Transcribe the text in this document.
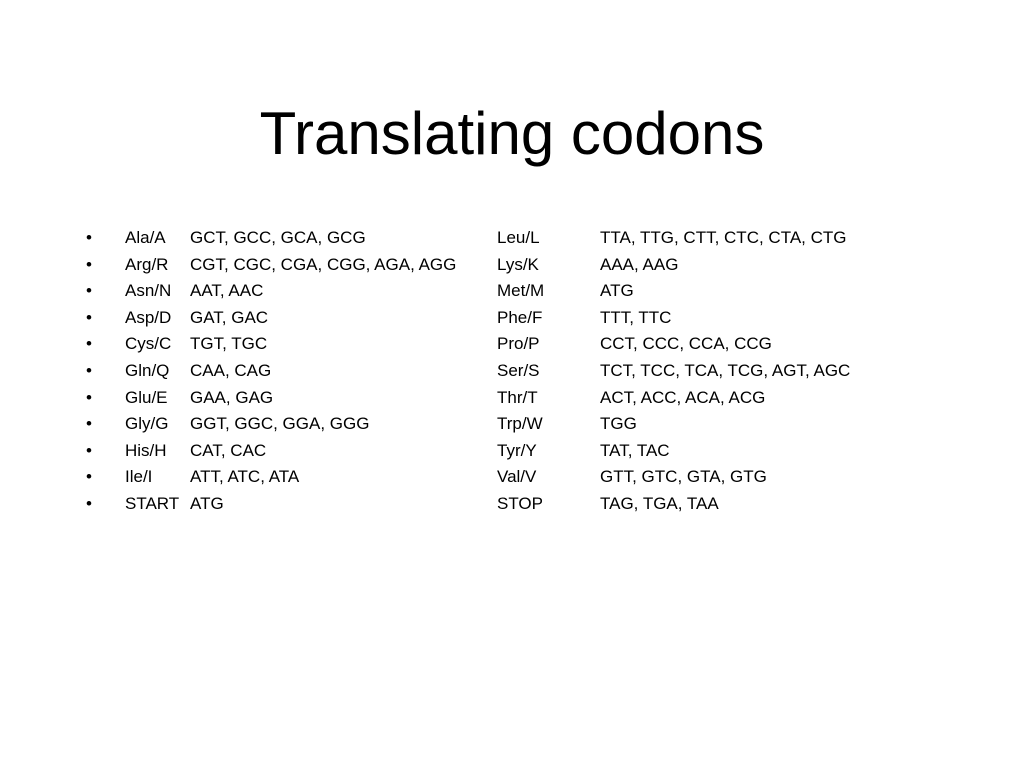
Translating codons
• Ala/A GCT, GCC, GCA, GCG	Leu/L	TTA, TTG, CTT, CTC, CTA, CTG
• Arg/R CGT, CGC, CGA, CGG, AGA, AGG Lys/K	AAA, AAG
• Asn/N AAT, AAC	Met/M	ATG
• Asp/D GAT, GAC	Phe/F	TTT, TTC
• Cys/C TGT, TGC	Pro/P	CCT, CCC, CCA, CCG
• Gln/Q CAA, CAG	Ser/S	TCT, TCC, TCA, TCG, AGT, AGC
• Glu/E GAA, GAG	Thr/T	ACT, ACC, ACA, ACG
• Gly/G GGT, GGC, GGA, GGG	Trp/W	TGG
• His/H CAT, CAC	Tyr/Y	TAT, TAC
• Ile/I ATT, ATC, ATA	Val/V	GTT, GTC, GTA, GTG
• START ATG	STOP	TAG, TGA, TAA
